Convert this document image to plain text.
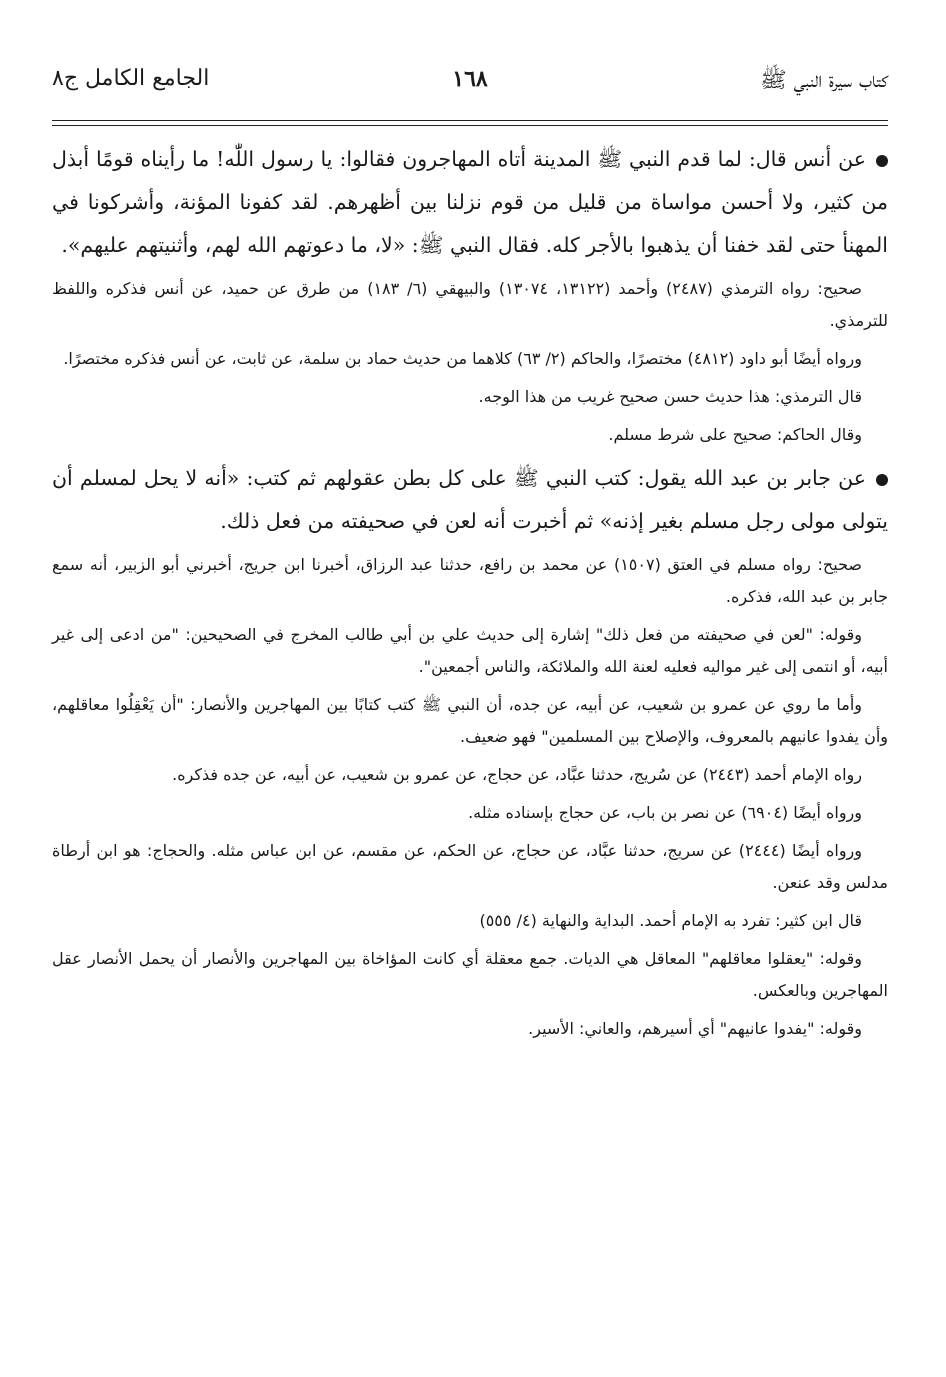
كتاب سيرة النبي ﷺ
١٦٨
الجامع الكامل ج٨

عن أنس قال: لما قدم النبي ﷺ المدينة أتاه المهاجرون فقالوا: يا رسول اللّٰه! ما رأيناه قومًا أبذل من كثير، ولا أحسن مواساة من قليل من قوم نزلنا بين أظهرهم. لقد كفونا المؤنة، وأشركونا في المهنأ حتى لقد خفنا أن يذهبوا بالأجر كله. فقال النبي ﷺ: «لا، ما دعوتهم الله لهم، وأثنيتهم عليهم».

صحيح: رواه الترمذي (٢٤٨٧) وأحمد (١٣١٢٢، ١٣٠٧٤) والبيهقي (٦/ ١٨٣) من طرق عن حميد، عن أنس فذكره واللفظ للترمذي.

ورواه أيضًا أبو داود (٤٨١٢) مختصرًا، والحاكم (٢/ ٦٣) كلاهما من حديث حماد بن سلمة، عن ثابت، عن أنس فذكره مختصرًا.

قال الترمذي: هذا حديث حسن صحيح غريب من هذا الوجه.

وقال الحاكم: صحيح على شرط مسلم.

عن جابر بن عبد الله يقول: كتب النبي ﷺ على كل بطن عقولهم ثم كتب: «أنه لا يحل لمسلم أن يتولى مولى رجل مسلم بغير إذنه» ثم أخبرت أنه لعن في صحيفته من فعل ذلك.

صحيح: رواه مسلم في العتق (١٥٠٧) عن محمد بن رافع، حدثنا عبد الرزاق، أخبرنا ابن جريج، أخبرني أبو الزبير، أنه سمع جابر بن عبد الله، فذكره.

وقوله: "لعن في صحيفته من فعل ذلك" إشارة إلى حديث علي بن أبي طالب المخرج في الصحيحين: "من ادعى إلى غير أبيه، أو انتمى إلى غير مواليه فعليه لعنة الله والملائكة، والناس أجمعين".

وأما ما روي عن عمرو بن شعيب، عن أبيه، عن جده، أن النبي ﷺ كتب كتابًا بين المهاجرين والأنصار: "أن يَعْقِلُوا معاقلهم، وأن يفدوا عانيهم بالمعروف، والإصلاح بين المسلمين" فهو ضعيف.

رواه الإمام أحمد (٢٤٤٣) عن سُريج، حدثنا عبَّاد، عن حجاج، عن عمرو بن شعيب، عن أبيه، عن جده فذكره.

ورواه أيضًا (٦٩٠٤) عن نصر بن باب، عن حجاج بإسناده مثله.

ورواه أيضًا (٢٤٤٤) عن سريج، حدثنا عبَّاد، عن حجاج، عن الحكم، عن مقسم، عن ابن عباس مثله. والحجاج: هو ابن أرطاة مدلس وقد عنعن.

قال ابن كثير: تفرد به الإمام أحمد. البداية والنهاية (٤/ ٥٥٥)

وقوله: "يعقلوا معاقلهم" المعاقل هي الديات. جمع معقلة أي كانت المؤاخاة بين المهاجرين والأنصار أن يحمل الأنصار عقل المهاجرين وبالعكس.

وقوله: "يفدوا عانيهم" أي أسيرهم، والعاني: الأسير.
